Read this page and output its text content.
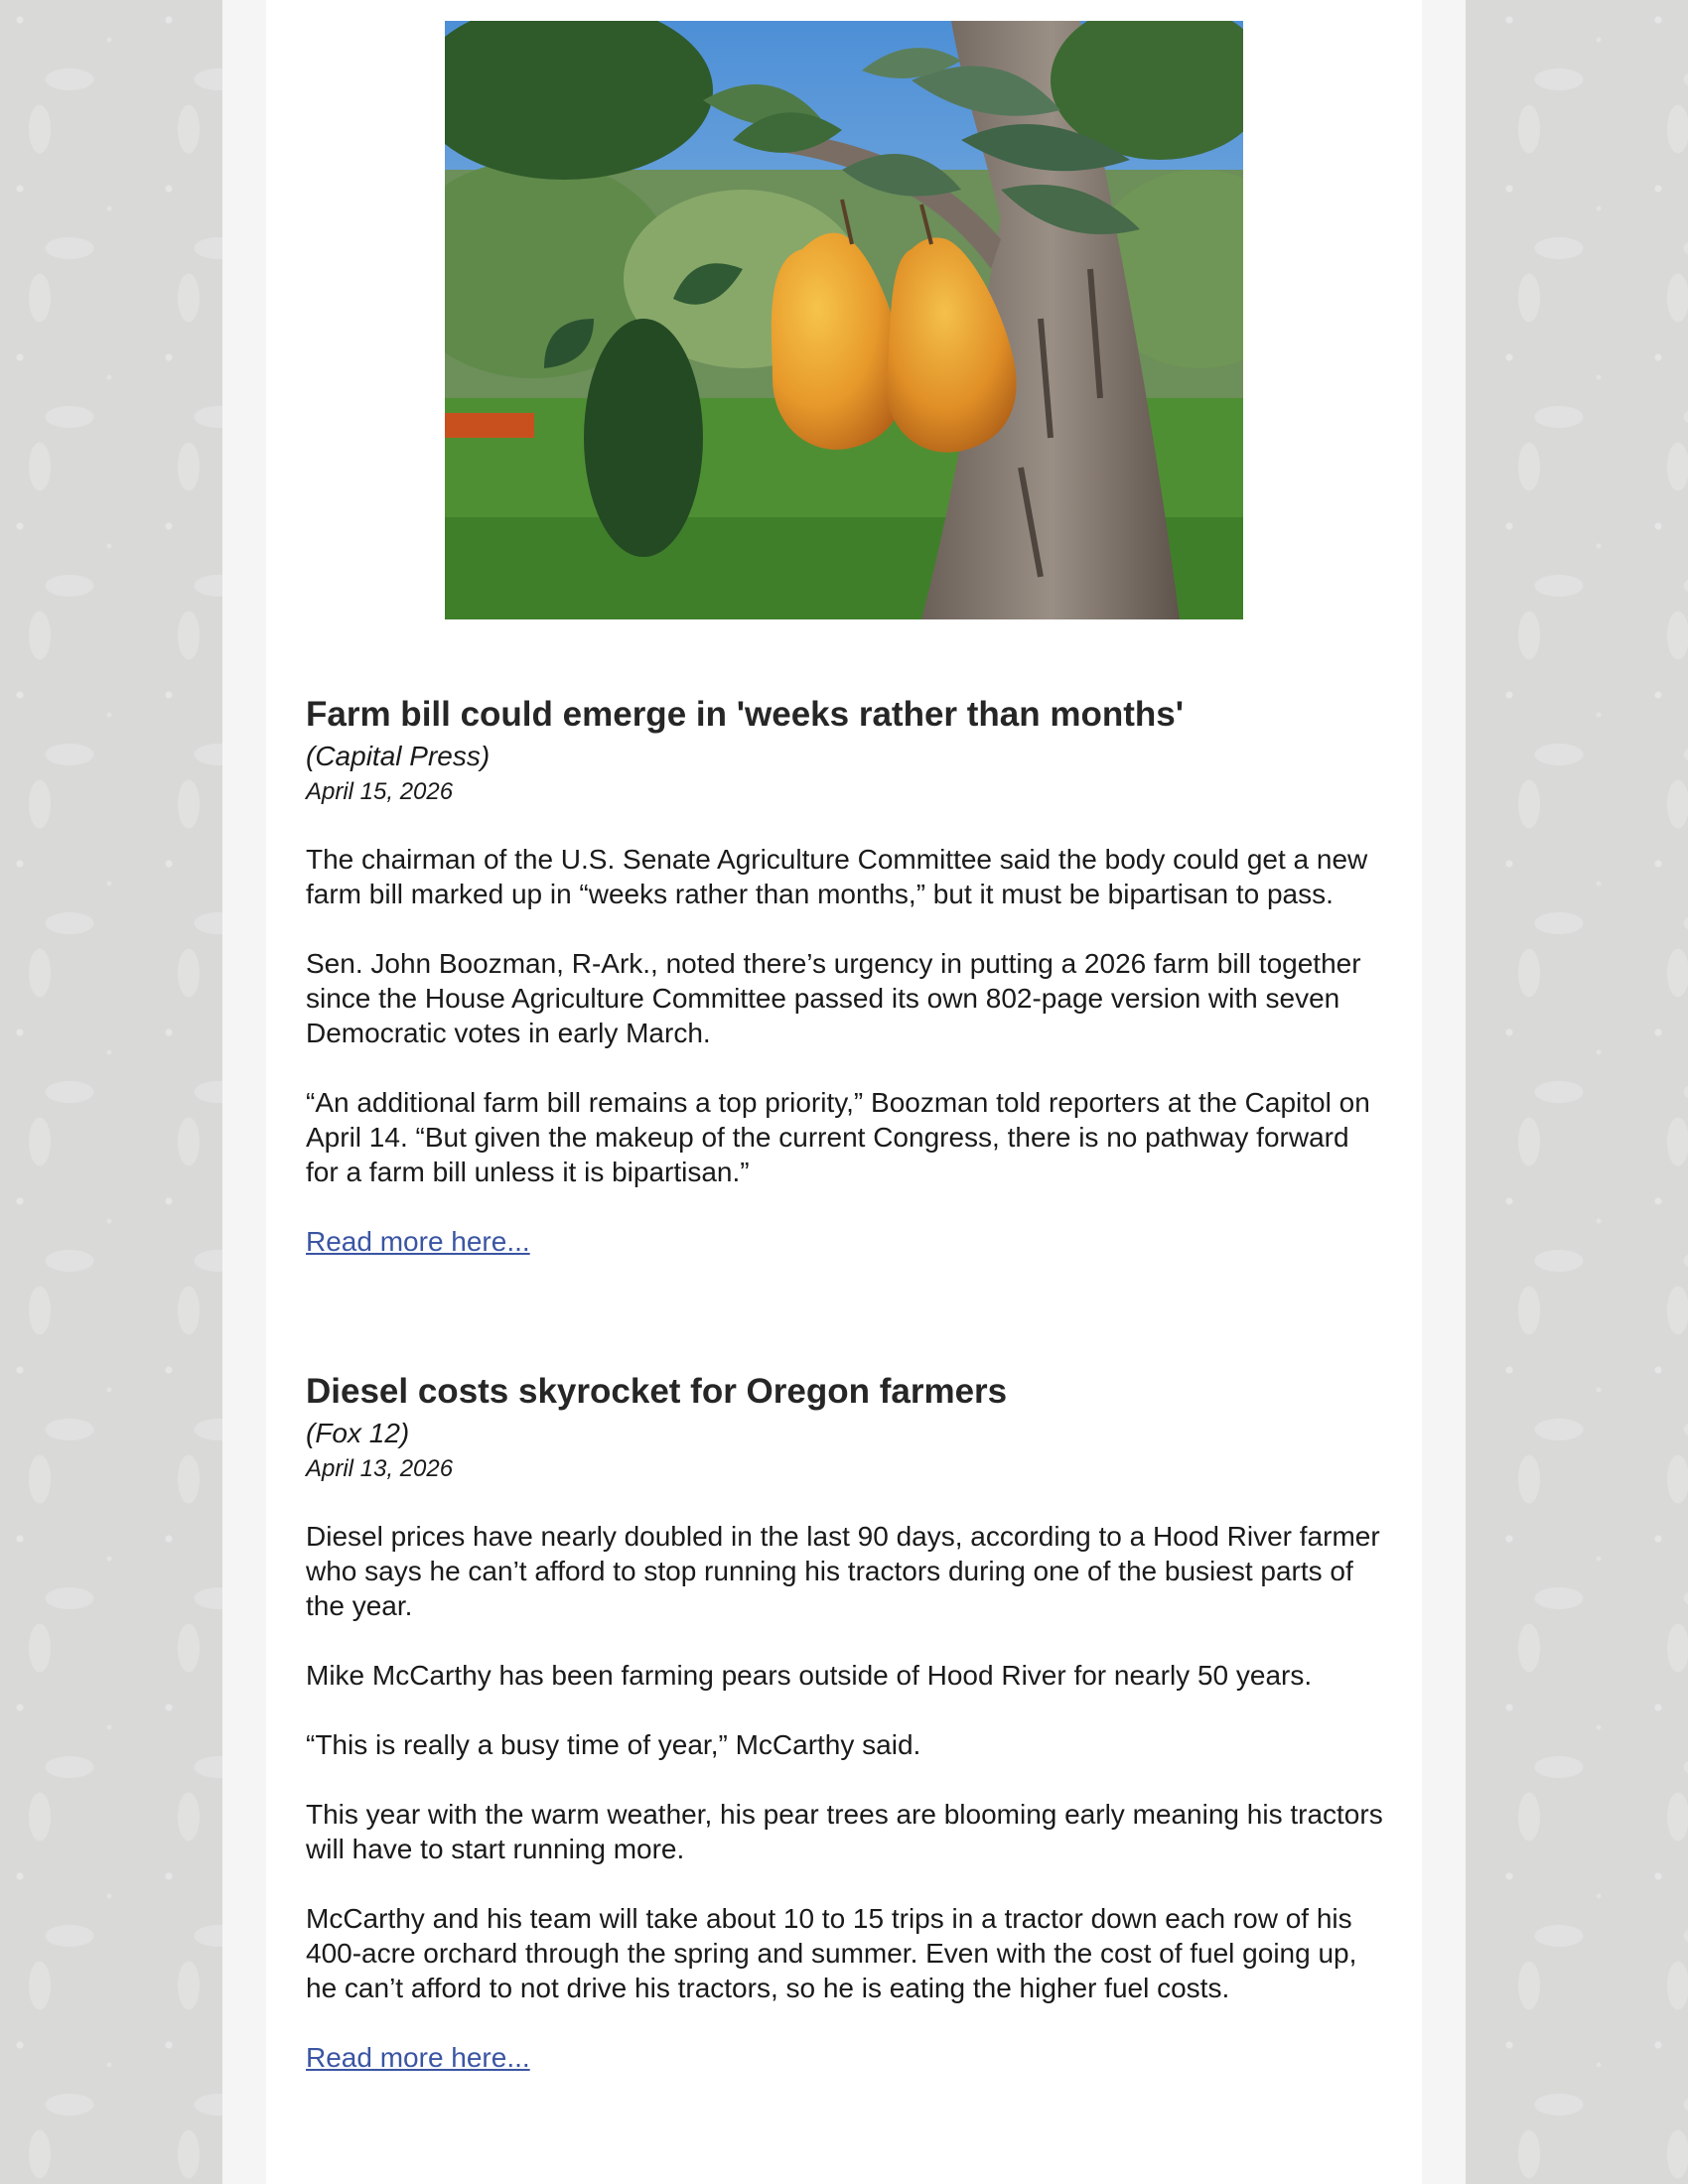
Farm bill could emerge in 'weeks rather than months'

(Capital Press)

April 15, 2026

The chairman of the U.S. Senate Agriculture Committee said the body could get a new farm bill marked up in “weeks rather than months,” but it must be bipartisan to pass.

Sen. John Boozman, R-Ark., noted there’s urgency in putting a 2026 farm bill together since the House Agriculture Committee passed its own 802-page version with seven Democratic votes in early March.

“An additional farm bill remains a top priority,” Boozman told reporters at the Capitol on April 14. “But given the makeup of the current Congress, there is no pathway forward for a farm bill unless it is bipartisan.”

Read more here...
Diesel costs skyrocket for Oregon farmers

(Fox 12)

April 13, 2026

Diesel prices have nearly doubled in the last 90 days, according to a Hood River farmer who says he can’t afford to stop running his tractors during one of the busiest parts of the year.

Mike McCarthy has been farming pears outside of Hood River for nearly 50 years.

“This is really a busy time of year,” McCarthy said.

This year with the warm weather, his pear trees are blooming early meaning his tractors will have to start running more.

McCarthy and his team will take about 10 to 15 trips in a tractor down each row of his 400-acre orchard through the spring and summer. Even with the cost of fuel going up, he can’t afford to not drive his tractors, so he is eating the higher fuel costs.

Read more here...
